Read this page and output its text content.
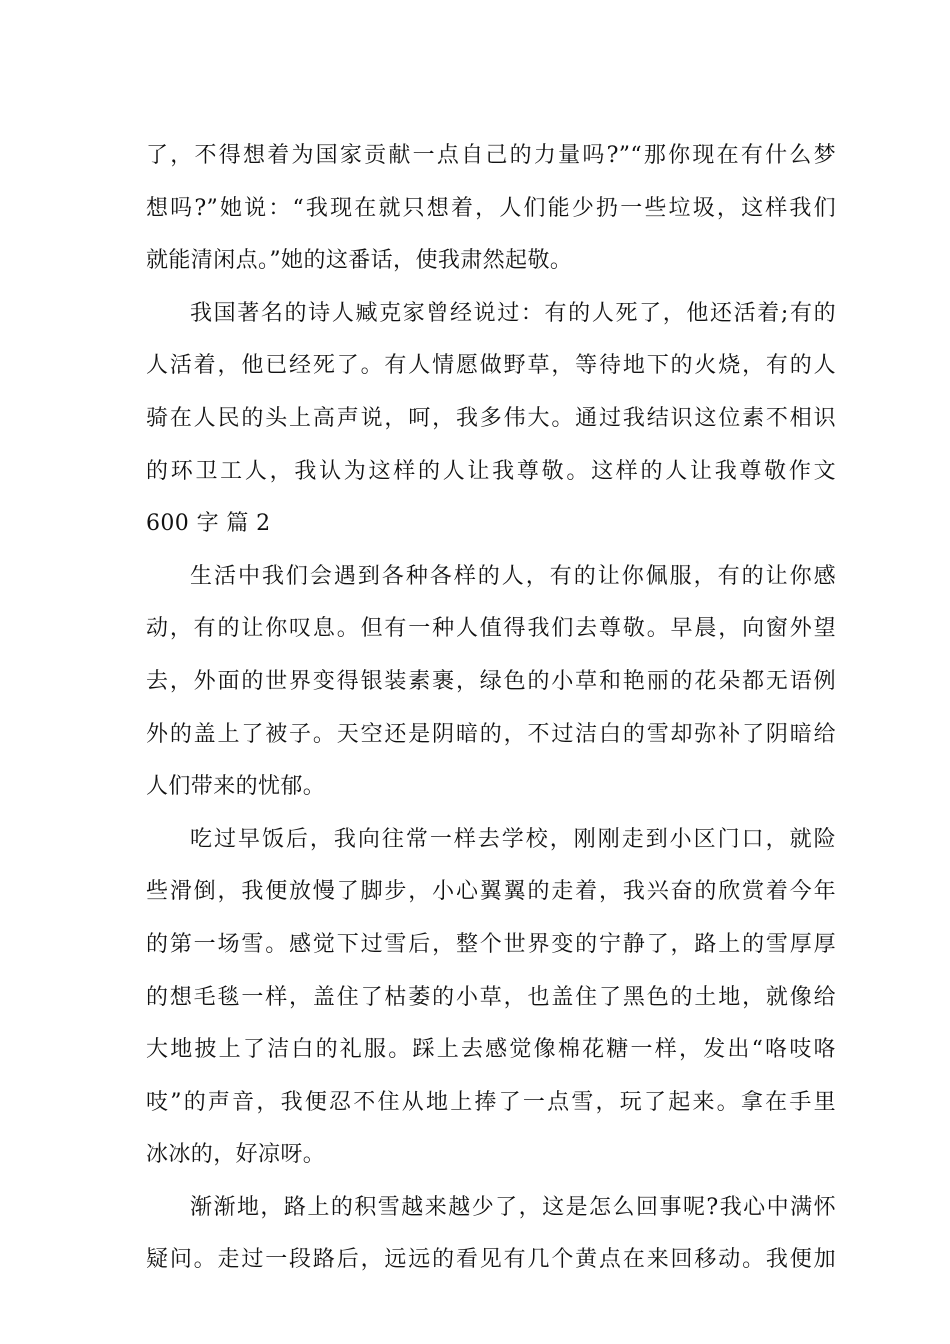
了，不得想着为国家贡献一点自己的力量吗?”“那你现在有什么梦
想吗?”她说：“我现在就只想着，人们能少扔一些垃圾，这样我们
就能清闲点。”她的这番话，使我肃然起敬。
我国著名的诗人臧克家曾经说过：有的人死了，他还活着;有的
人活着，他已经死了。有人情愿做野草，等待地下的火烧，有的人
骑在人民的头上高声说，呵，我多伟大。通过我结识这位素不相识
的环卫工人，我认为这样的人让我尊敬。这样的人让我尊敬作文
600 字 篇 2
生活中我们会遇到各种各样的人，有的让你佩服，有的让你感
动，有的让你叹息。但有一种人值得我们去尊敬。早晨，向窗外望
去，外面的世界变得银装素裹，绿色的小草和艳丽的花朵都无语例
外的盖上了被子。天空还是阴暗的，不过洁白的雪却弥补了阴暗给
人们带来的忧郁。
吃过早饭后，我向往常一样去学校，刚刚走到小区门口，就险
些滑倒，我便放慢了脚步，小心翼翼的走着，我兴奋的欣赏着今年
的第一场雪。感觉下过雪后，整个世界变的宁静了，路上的雪厚厚
的想毛毯一样，盖住了枯萎的小草，也盖住了黑色的土地，就像给
大地披上了洁白的礼服。踩上去感觉像棉花糖一样，发出“咯吱咯
吱”的声音，我便忍不住从地上捧了一点雪，玩了起来。拿在手里
冰冰的，好凉呀。
渐渐地，路上的积雪越来越少了，这是怎么回事呢?我心中满怀
疑问。走过一段路后，远远的看见有几个黄点在来回移动。我便加
